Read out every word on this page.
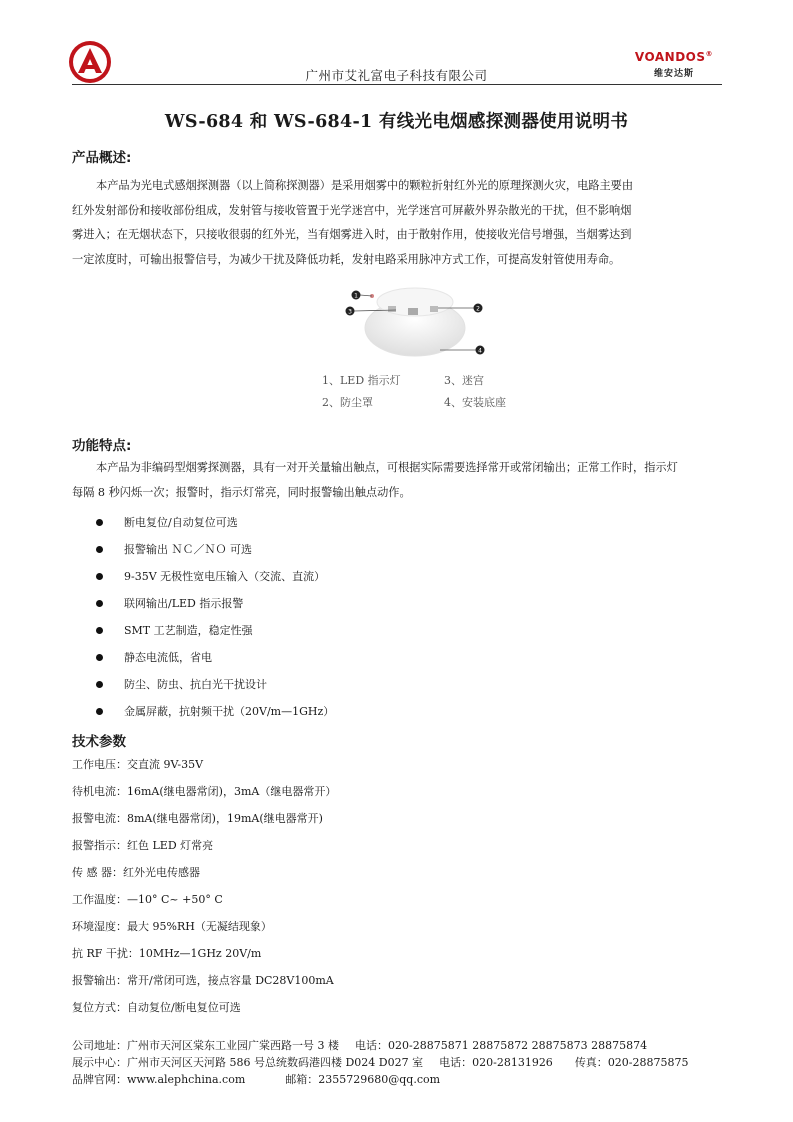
广州市艾礼富电子科技有限公司
VOANDOS®
维安达斯
WS-684 和 WS-684-1 有线光电烟感探测器使用说明书
产品概述:
本产品为光电式感烟探测器（以上简称探测器）是采用烟雾中的颗粒折射红外光的原理探测火灾，电路主要由
红外发射部份和接收部份组成，发射管与接收管置于光学迷宫中，光学迷宫可屏蔽外界杂散光的干扰，但不影响烟
雾进入；在无烟状态下，只接收很弱的红外光，当有烟雾进入时，由于散射作用，使接收光信号增强，当烟雾达到
一定浓度时，可输出报警信号，为减少干扰及降低功耗，发射电路采用脉冲方式工作，可提高发射管使用寿命。
1
3	2
4
1、LED 指示灯	3、迷宫
2、防尘罩	4、安装底座
功能特点:
本产品为非编码型烟雾探测器，具有一对开关量输出触点，可根据实际需要选择常开或常闭输出；正常工作时，指示灯
每隔 8 秒闪烁一次；报警时，指示灯常亮，同时报警输出触点动作。
断电复位/自动复位可选
报警输出 ＮＣ／ＮＯ 可选
9-35V 无极性宽电压输入（交流、直流）
联网输出/LED 指示报警
SMT 工艺制造，稳定性强
静态电流低，省电
防尘、防虫、抗白光干扰设计
金属屏蔽，抗射频干扰（20V/m—1GHz）
技术参数
工作电压：交直流 9V-35V
待机电流：16mA(继电器常闭)，3mA（继电器常开）
报警电流：8mA(继电器常闭)，19mA(继电器常开)
报警指示：红色 LED 灯常亮
传 感 器：红外光电传感器
工作温度：—10° C~ +50° C
环境湿度：最大 95%RH（无凝结现象）
抗 RF 干扰：10MHz—1GHz 20V/m
报警输出：常开/常闭可选，接点容量 DC28V100mA
复位方式：自动复位/断电复位可选
公司地址：广州市天河区棠东工业园广棠西路一号 3 楼 电话：020-28875871 28875872 28875873 28875874
展示中心：广州市天河区天河路 586 号总统数码港四楼 D024 D027 室 电话：020-28131926 传真：020-28875875
品牌官网：www.alephchina.com	邮箱：2355729680@qq.com
